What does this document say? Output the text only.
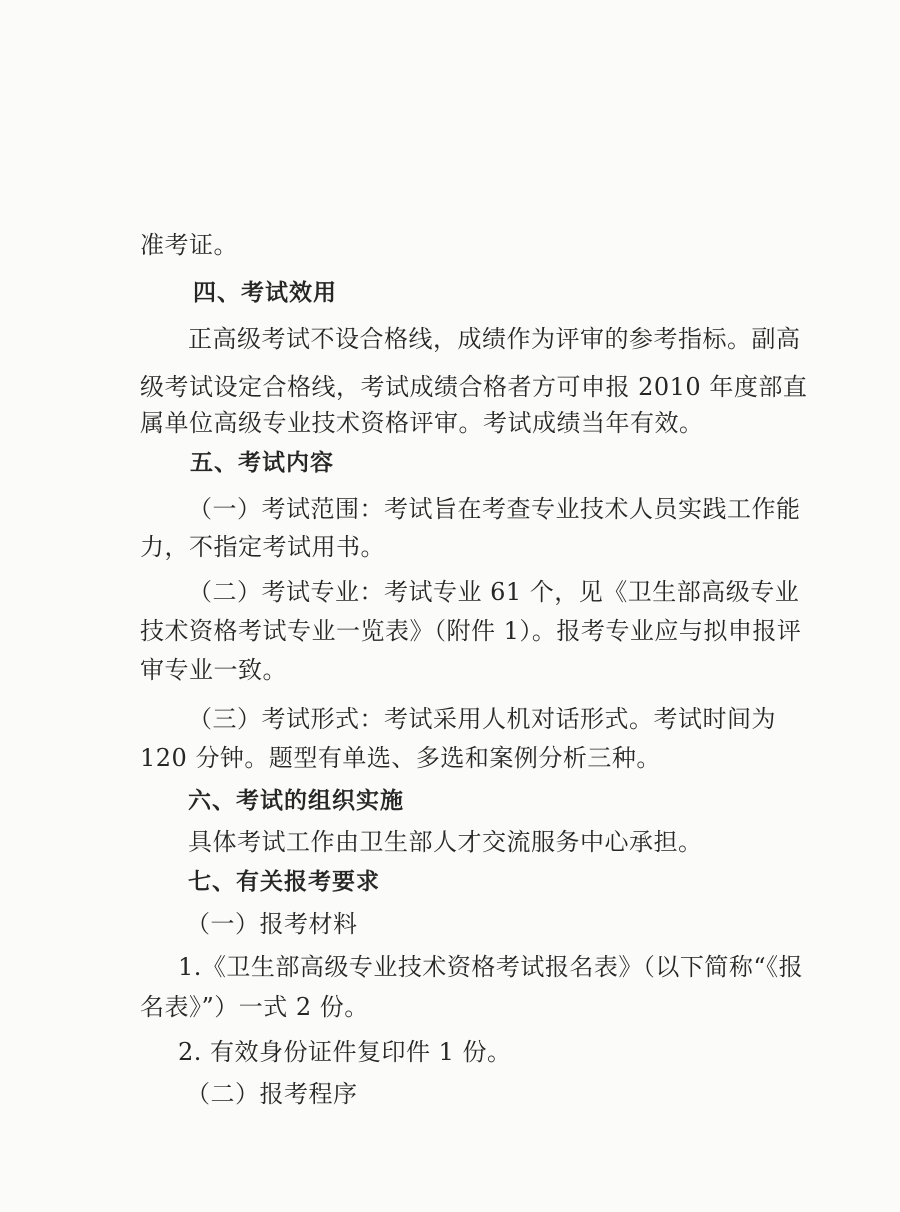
准考证。
四、考试效用
正高级考试不设合格线，成绩作为评审的参考指标。副高
级考试设定合格线，考试成绩合格者方可申报 2010 年度部直
属单位高级专业技术资格评审。考试成绩当年有效。
五、考试内容
（一）考试范围：考试旨在考查专业技术人员实践工作能
力，不指定考试用书。
（二）考试专业：考试专业 61 个，见《卫生部高级专业
技术资格考试专业一览表》（附件 1）。报考专业应与拟申报评
审专业一致。
（三）考试形式：考试采用人机对话形式。考试时间为
120 分钟。题型有单选、多选和案例分析三种。
六、考试的组织实施
具体考试工作由卫生部人才交流服务中心承担。
七、有关报考要求
（一）报考材料
1.《卫生部高级专业技术资格考试报名表》（以下简称“《报
名表》”）一式 2 份。
2. 有效身份证件复印件 1 份。
（二）报考程序
